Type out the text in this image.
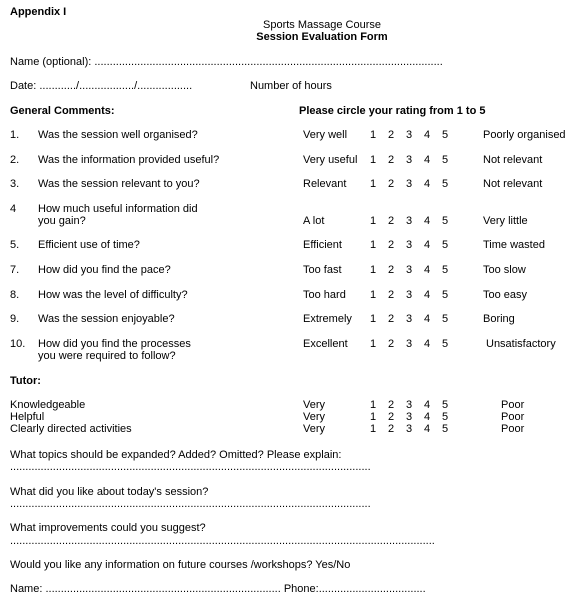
Appendix I
Sports Massage Course
Session Evaluation Form
Name (optional): ..................................................................................................................
Date: ............/................../..................	Number of hours
General Comments:	Please circle your rating from 1 to 5
1. Was the session well organised?	Very well 1 2 3 4 5	Poorly organised
2. Was the information provided useful?	Very useful 1 2 3 4 5	Not relevant
3. Was the session relevant to you?	Relevant 1 2 3 4 5	Not relevant
4 How much useful information did
you gain?	A lot	1 2 3 4 5	Very little
5. Efficient use of time?	Efficient	1 2 3 4 5	Time wasted
7. How did you find the pace?	Too fast	1 2 3 4 5	Too slow
8. How was the level of difficulty?	Too hard 1 2 3 4 5	Too easy
9. Was the session enjoyable?	Extremely 1 2 3 4 5	Boring
10. How did you find the processes
you were required to follow?
Excellent 1 2 3 4 5	Unsatisfactory
Tutor:
Knowledgeable	Very	1 2 3 4 5	Poor
Helpful	Very	1 2 3 4 5	Poor
Clearly directed activities	Very	1 2 3 4 5	Poor
What topics should be expanded? Added? Omitted? Please explain:
......................................................................................................................
What did you like about today's session?
......................................................................................................................
What improvements could you suggest?
...........................................................................................................................................
Would you like any information on future courses /workshops? Yes/No
Name: ............................................................................. Phone:...................................
